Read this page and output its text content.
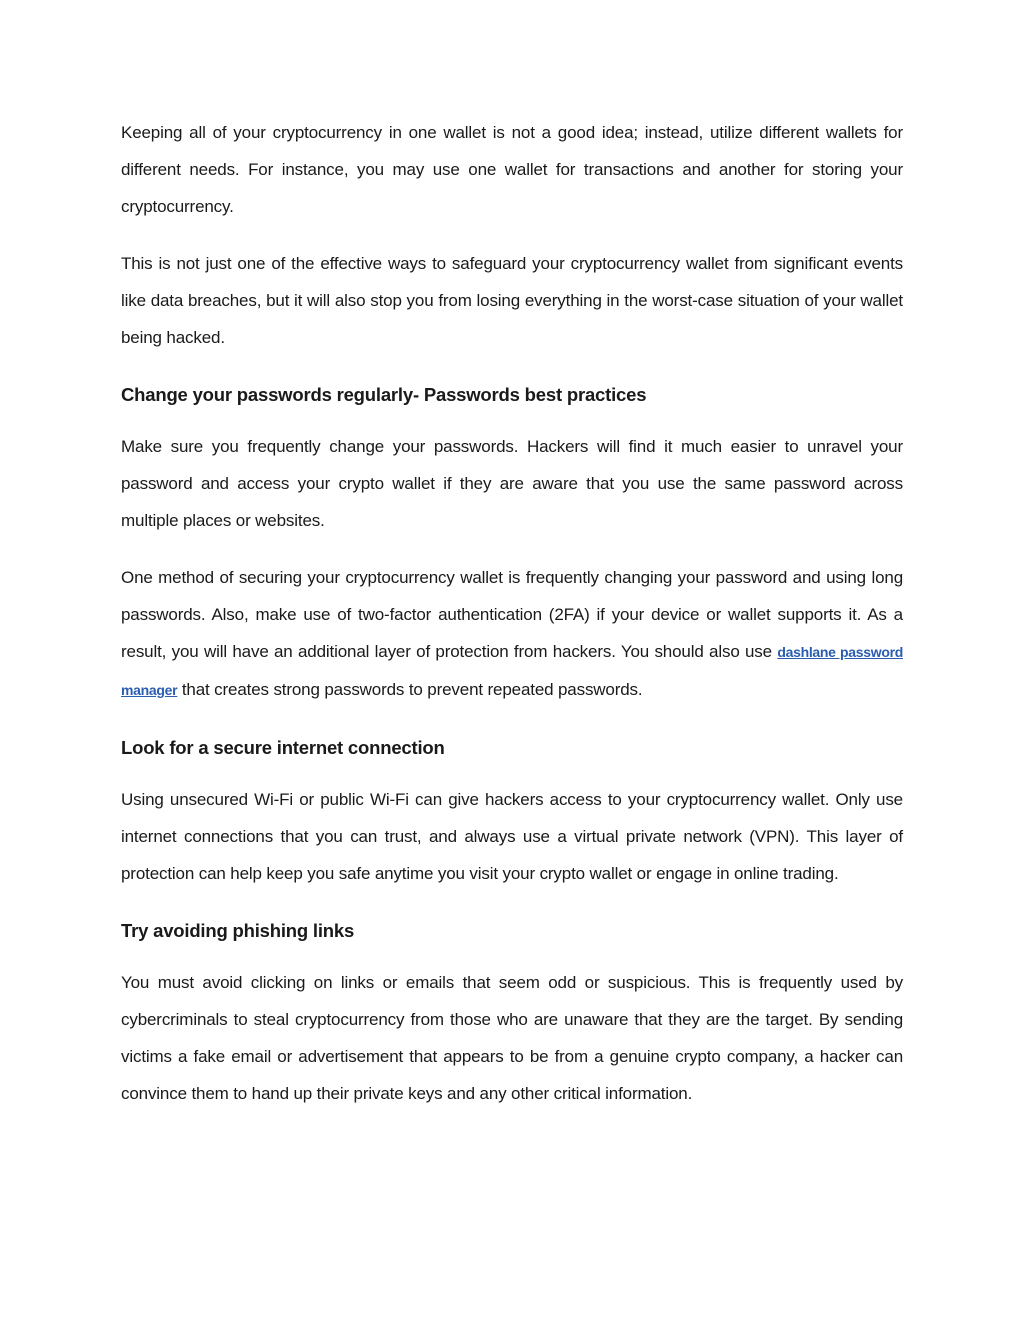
Keeping all of your cryptocurrency in one wallet is not a good idea; instead, utilize different wallets for different needs. For instance, you may use one wallet for transactions and another for storing your cryptocurrency.

This is not just one of the effective ways to safeguard your cryptocurrency wallet from significant events like data breaches, but it will also stop you from losing everything in the worst-case situation of your wallet being hacked.

Change your passwords regularly- Passwords best practices

Make sure you frequently change your passwords. Hackers will find it much easier to unravel your password and access your crypto wallet if they are aware that you use the same password across multiple places or websites.

One method of securing your cryptocurrency wallet is frequently changing your password and using long passwords. Also, make use of two-factor authentication (2FA) if your device or wallet supports it. As a result, you will have an additional layer of protection from hackers. You should also use dashlane password manager that creates strong passwords to prevent repeated passwords.

Look for a secure internet connection

Using unsecured Wi-Fi or public Wi-Fi can give hackers access to your cryptocurrency wallet. Only use internet connections that you can trust, and always use a virtual private network (VPN). This layer of protection can help keep you safe anytime you visit your crypto wallet or engage in online trading.

Try avoiding phishing links

You must avoid clicking on links or emails that seem odd or suspicious. This is frequently used by cybercriminals to steal cryptocurrency from those who are unaware that they are the target. By sending victims a fake email or advertisement that appears to be from a genuine crypto company, a hacker can convince them to hand up their private keys and any other critical information.
